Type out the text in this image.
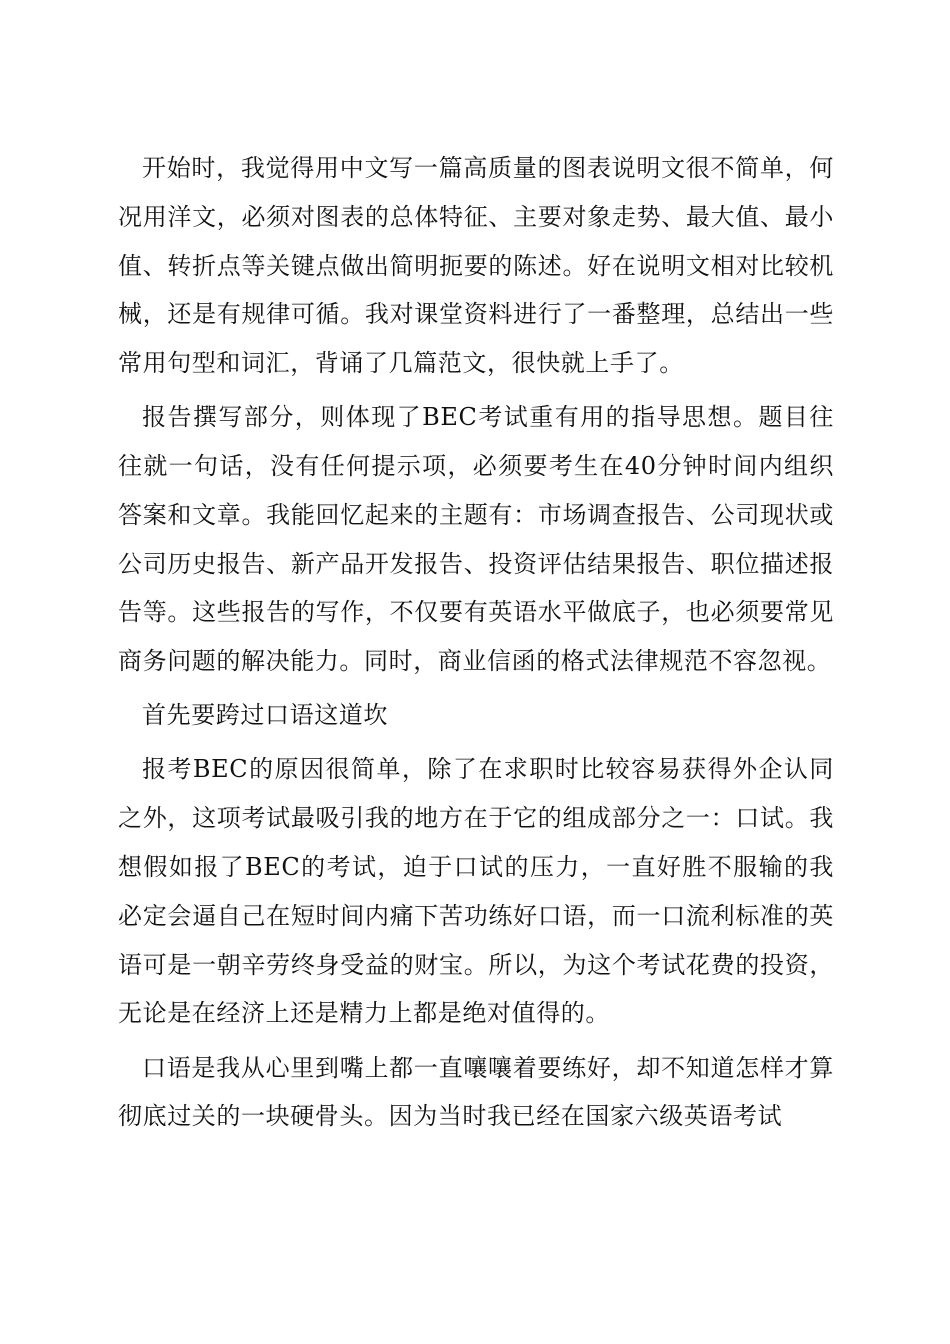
开始时，我觉得用中文写一篇高质量的图表说明文很不简单，何况用洋文，必须对图表的总体特征、主要对象走势、最大值、最小值、转折点等关键点做出简明扼要的陈述。好在说明文相对比较机械，还是有规律可循。我对课堂资料进行了一番整理，总结出一些常用句型和词汇，背诵了几篇范文，很快就上手了。

报告撰写部分，则体现了BEC考试重有用的指导思想。题目往往就一句话，没有任何提示项，必须要考生在40分钟时间内组织答案和文章。我能回忆起来的主题有：市场调查报告、公司现状或公司历史报告、新产品开发报告、投资评估结果报告、职位描述报告等。这些报告的写作，不仅要有英语水平做底子，也必须要常见商务问题的解决能力。同时，商业信函的格式法律规范不容忽视。

首先要跨过口语这道坎

报考BEC的原因很简单，除了在求职时比较容易获得外企认同之外，这项考试最吸引我的地方在于它的组成部分之一：口试。我想假如报了BEC的考试，迫于口试的压力，一直好胜不服输的我必定会逼自己在短时间内痛下苦功练好口语，而一口流利标准的英语可是一朝辛劳终身受益的财宝。所以，为这个考试花费的投资，无论是在经济上还是精力上都是绝对值得的。

口语是我从心里到嘴上都一直嚷嚷着要练好，却不知道怎样才算彻底过关的一块硬骨头。因为当时我已经在国家六级英语考试
